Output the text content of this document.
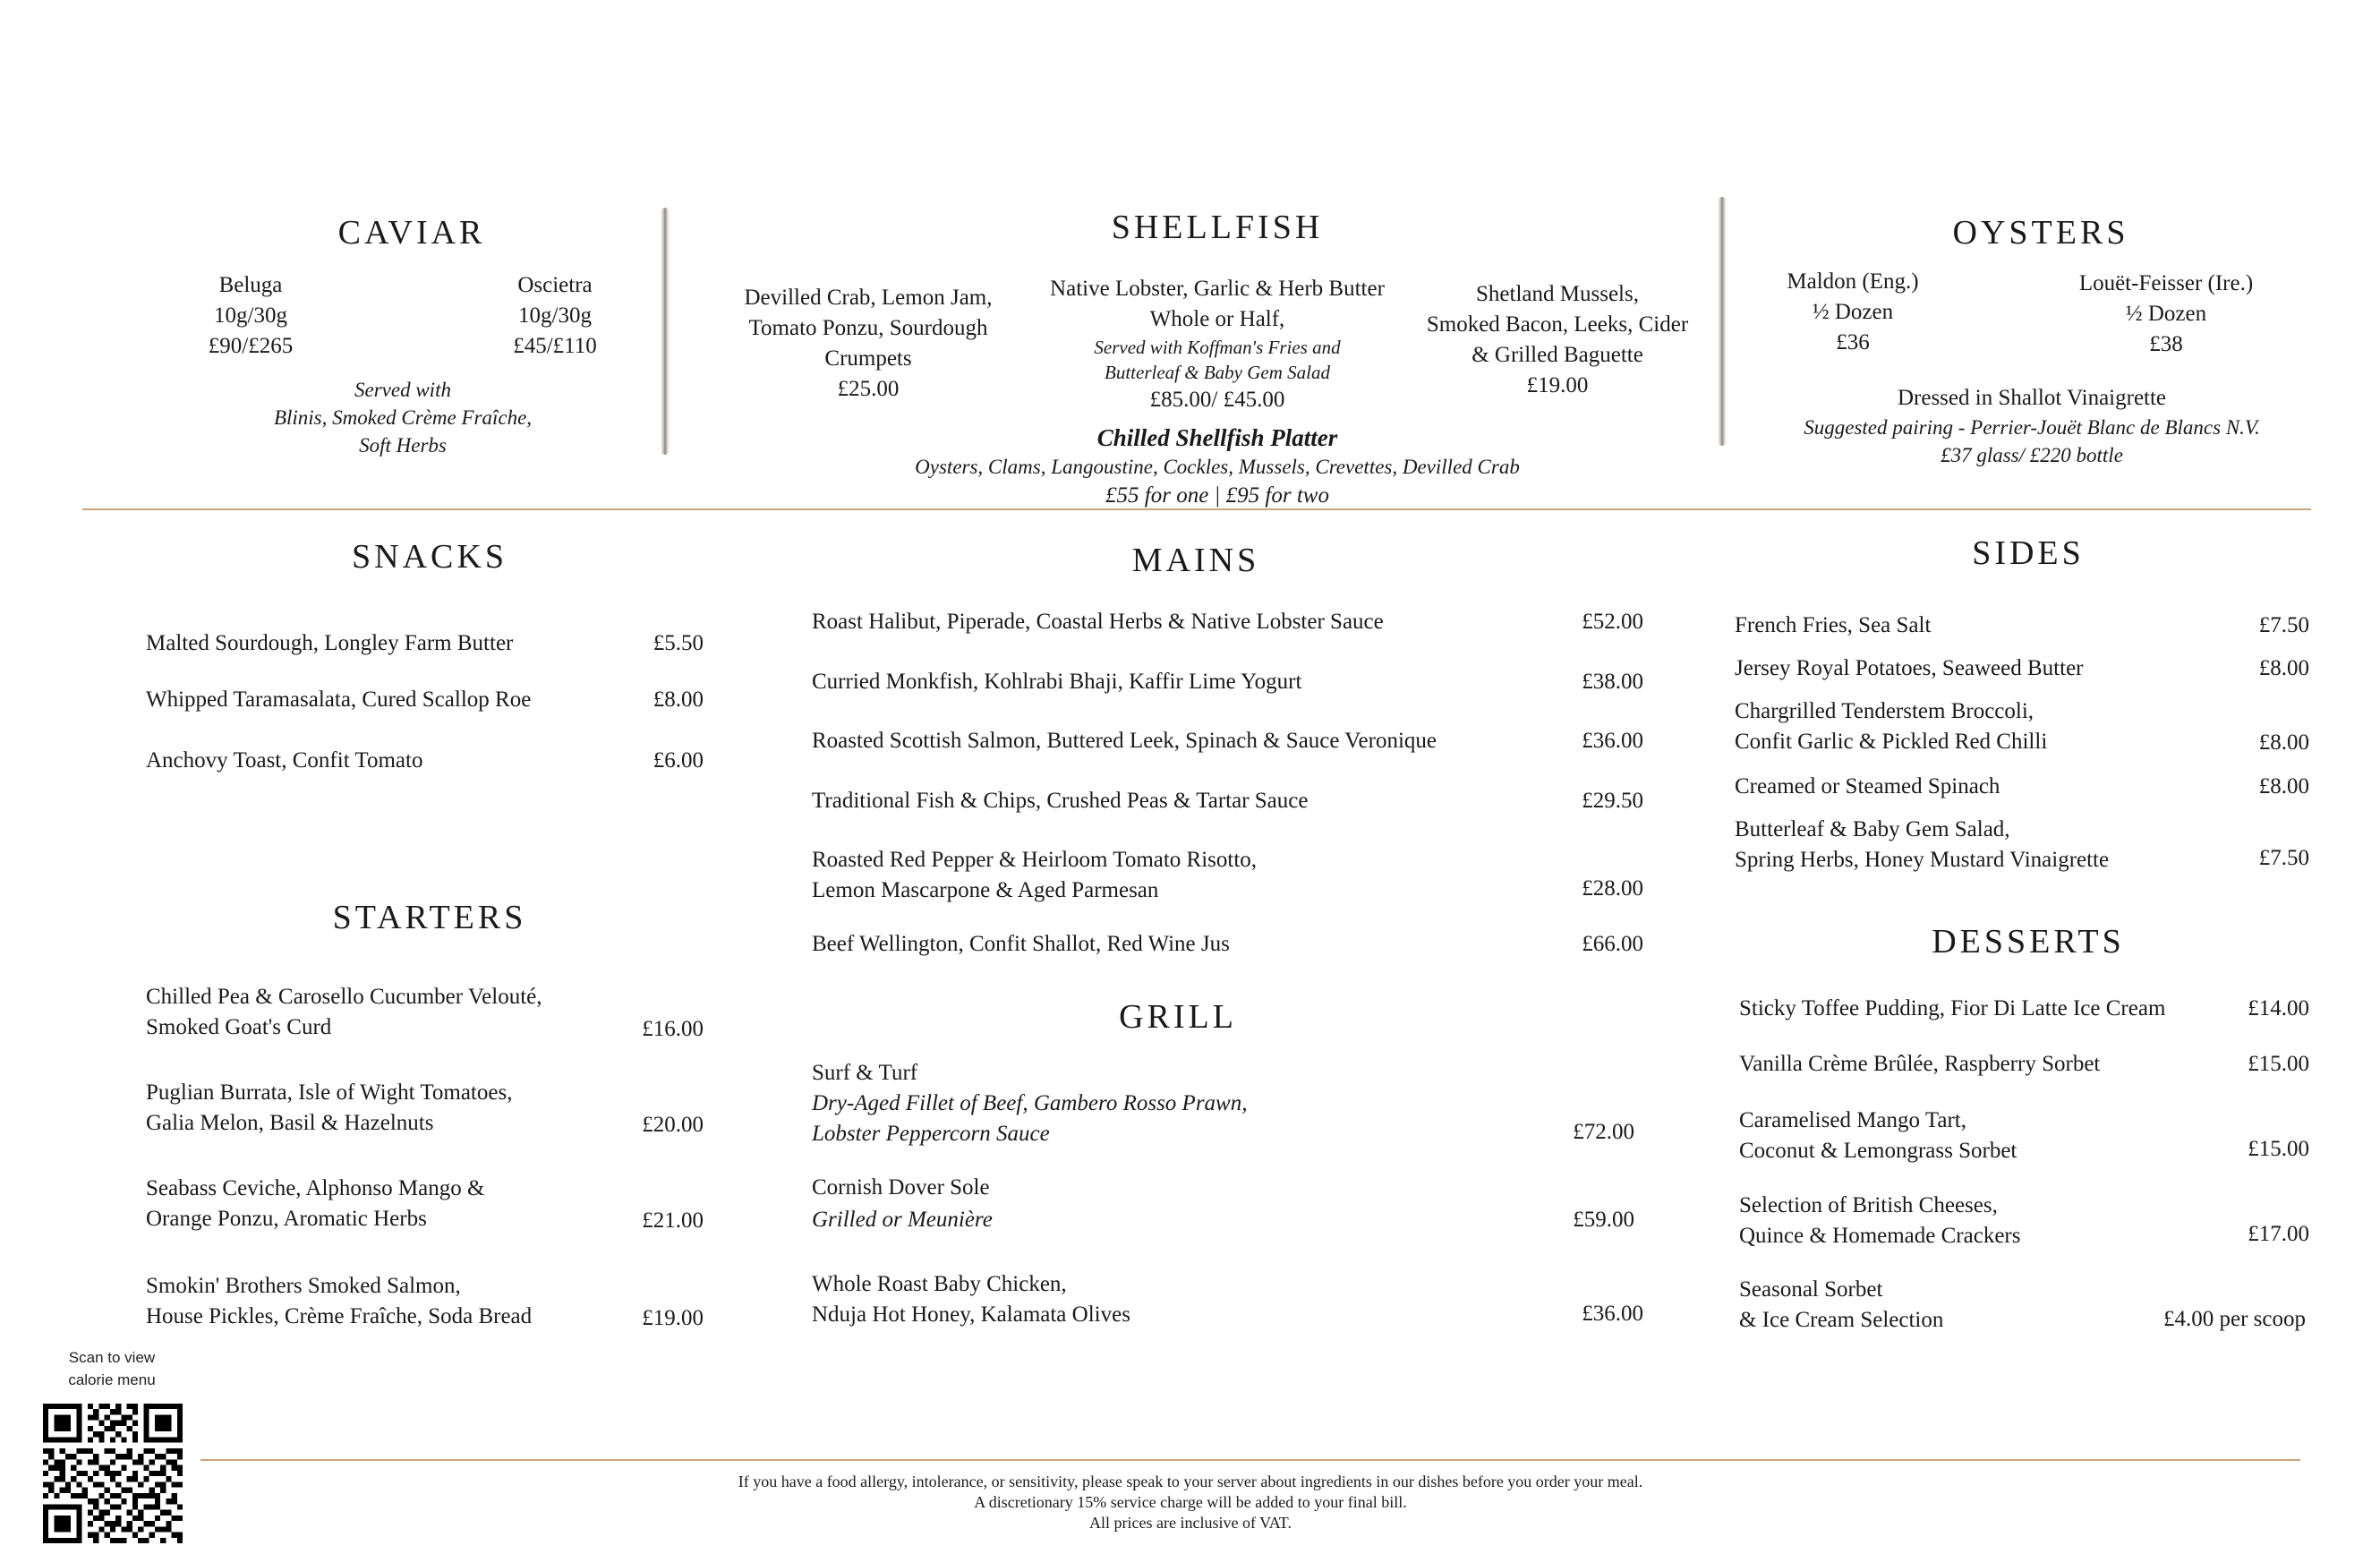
CAVIAR
Beluga
10g/30g
£90/£265
Oscietra
10g/30g
£45/£110
Served with
Blinis, Smoked Crème Fraîche,
Soft Herbs
SHELLFISH
Devilled Crab, Lemon Jam,
Tomato Ponzu, Sourdough
Crumpets
£25.00
Native Lobster, Garlic & Herb Butter
Whole or Half,
Served with Koffman's Fries and
Butterleaf & Baby Gem Salad
£85.00/ £45.00
Shetland Mussels,
Smoked Bacon, Leeks, Cider
& Grilled Baguette
£19.00
Chilled Shellfish Platter
Oysters, Clams, Langoustine, Cockles, Mussels, Crevettes, Devilled Crab
£55 for one | £95 for two
OYSTERS
Maldon (Eng.)
½ Dozen
£36
Louët-Feisser (Ire.)
½ Dozen
£38
Dressed in Shallot Vinaigrette
Suggested pairing - Perrier-Jouët Blanc de Blancs N.V.
£37 glass/ £220 bottle
SNACKS
Malted Sourdough, Longley Farm Butter	£5.50
Whipped Taramasalata, Cured Scallop Roe	£8.00
Anchovy Toast, Confit Tomato	£6.00
STARTERS
Chilled Pea & Carosello Cucumber Velouté,
Smoked Goat's Curd	£16.00
Puglian Burrata, Isle of Wight Tomatoes,
Galia Melon, Basil & Hazelnuts	£20.00
Seabass Ceviche, Alphonso Mango &
Orange Ponzu, Aromatic Herbs	£21.00
Smokin' Brothers Smoked Salmon,
House Pickles, Crème Fraîche, Soda Bread	£19.00
MAINS
Roast Halibut, Piperade, Coastal Herbs & Native Lobster Sauce	£52.00
Curried Monkfish, Kohlrabi Bhaji, Kaffir Lime Yogurt	£38.00
Roasted Scottish Salmon, Buttered Leek, Spinach & Sauce Veronique	£36.00
Traditional Fish & Chips, Crushed Peas & Tartar Sauce	£29.50
Roasted Red Pepper & Heirloom Tomato Risotto,
Lemon Mascarpone & Aged Parmesan	£28.00
Beef Wellington, Confit Shallot, Red Wine Jus	£66.00
GRILL
Surf & Turf
Dry-Aged Fillet of Beef, Gambero Rosso Prawn,
Lobster Peppercorn Sauce	£72.00
Cornish Dover Sole
Grilled or Meunière	£59.00
Whole Roast Baby Chicken,
Nduja Hot Honey, Kalamata Olives	£36.00
SIDES
French Fries, Sea Salt	£7.50
Jersey Royal Potatoes, Seaweed Butter	£8.00
Chargrilled Tenderstem Broccoli,
Confit Garlic & Pickled Red Chilli	£8.00
Creamed or Steamed Spinach	£8.00
Butterleaf & Baby Gem Salad,
Spring Herbs, Honey Mustard Vinaigrette	£7.50
DESSERTS
Sticky Toffee Pudding, Fior Di Latte Ice Cream	£14.00
Vanilla Crème Brûlée, Raspberry Sorbet	£15.00
Caramelised Mango Tart,
Coconut & Lemongrass Sorbet	£15.00
Selection of British Cheeses,
Quince & Homemade Crackers	£17.00
Seasonal Sorbet
& Ice Cream Selection	£4.00 per scoop
Scan to view
calorie menu
If you have a food allergy, intolerance, or sensitivity, please speak to your server about ingredients in our dishes before you order your meal.
A discretionary 15% service charge will be added to your final bill.
All prices are inclusive of VAT.
